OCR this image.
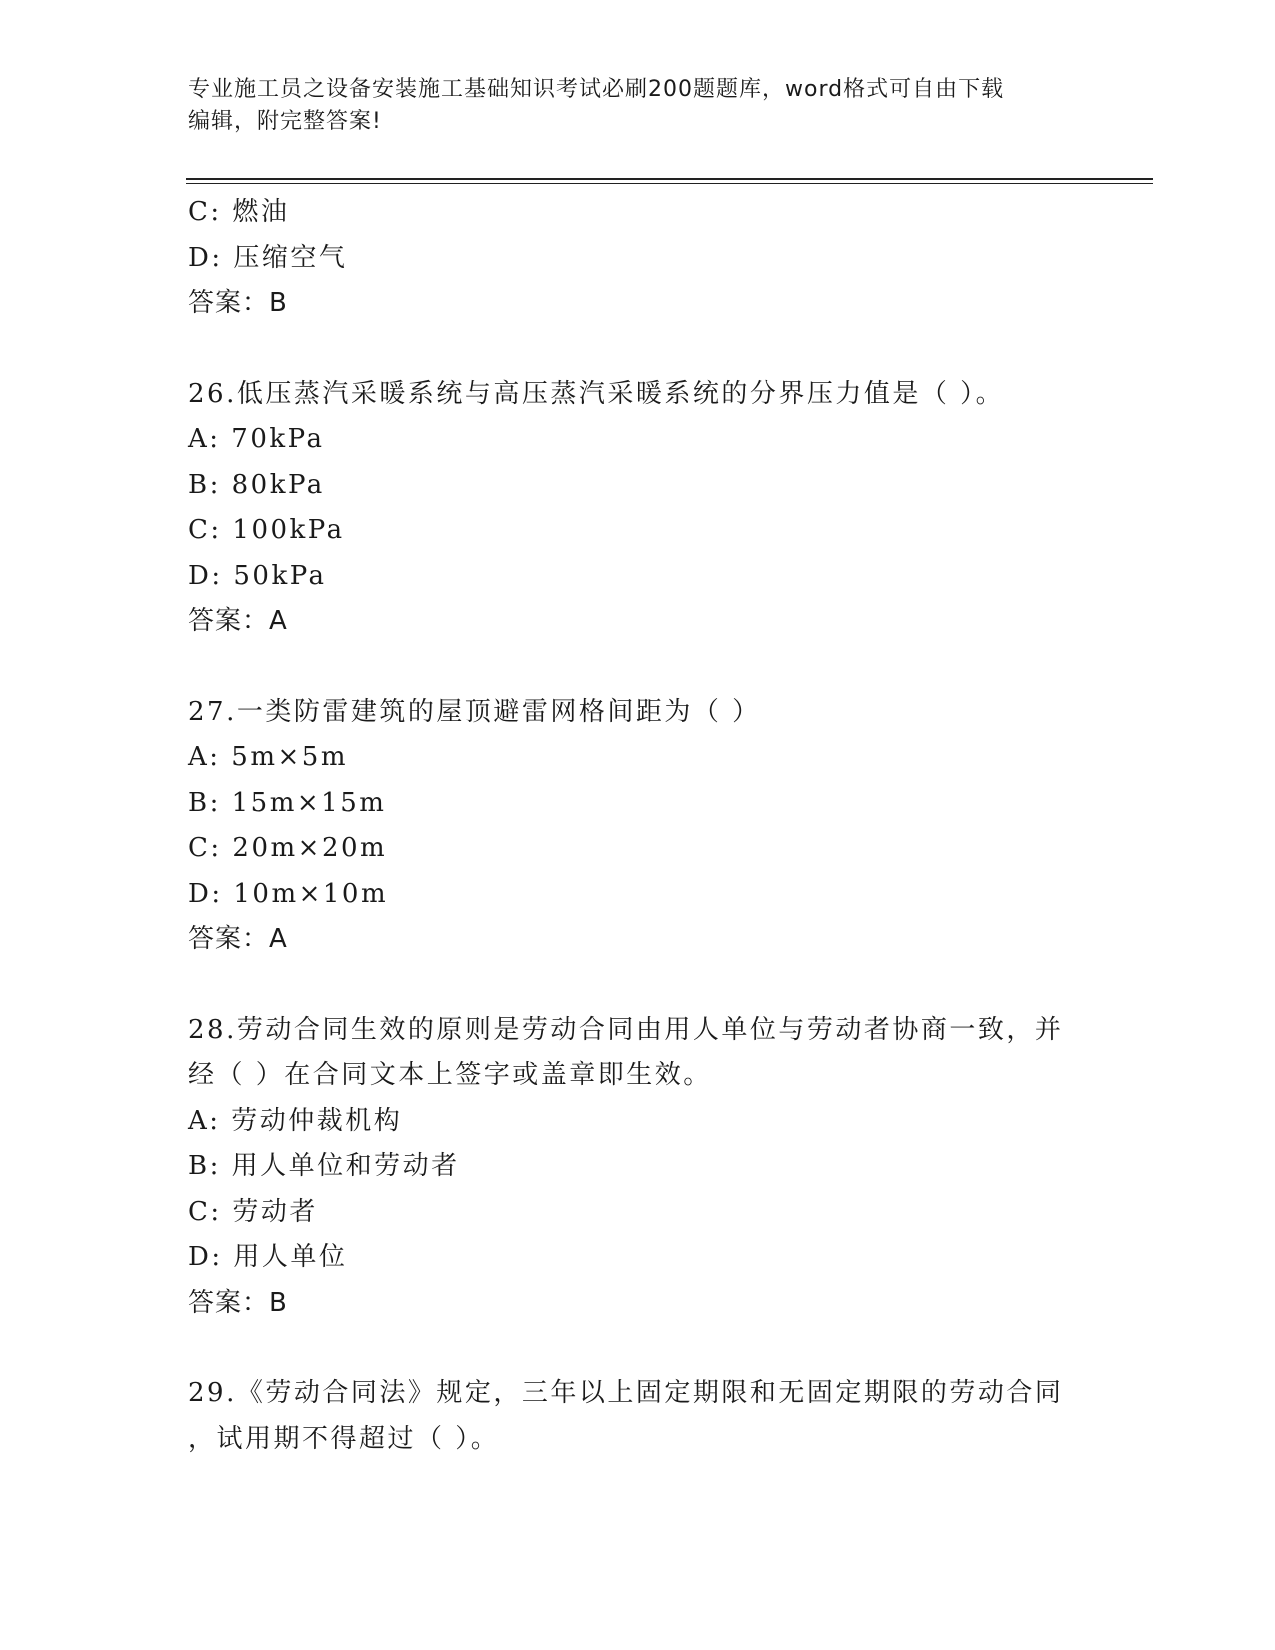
专业施工员之设备安装施工基础知识考试必刷200题题库，word格式可自由下载
编辑，附完整答案!
C: 燃油
D: 压缩空气
答案：B
26.低压蒸汽采暖系统与高压蒸汽采暖系统的分界压力值是（ ）。
A: 70kPa
B: 80kPa
C: 100kPa
D: 50kPa
答案：A
27.一类防雷建筑的屋顶避雷网格间距为（ ）
A: 5m×5m
B: 15m×15m
C: 20m×20m
D: 10m×10m
答案：A
28.劳动合同生效的原则是劳动合同由用人单位与劳动者协商一致，并
经（ ）在合同文本上签字或盖章即生效。
A: 劳动仲裁机构
B: 用人单位和劳动者
C: 劳动者
D: 用人单位
答案：B
29.《劳动合同法》规定，三年以上固定期限和无固定期限的劳动合同
，试用期不得超过（ ）。
